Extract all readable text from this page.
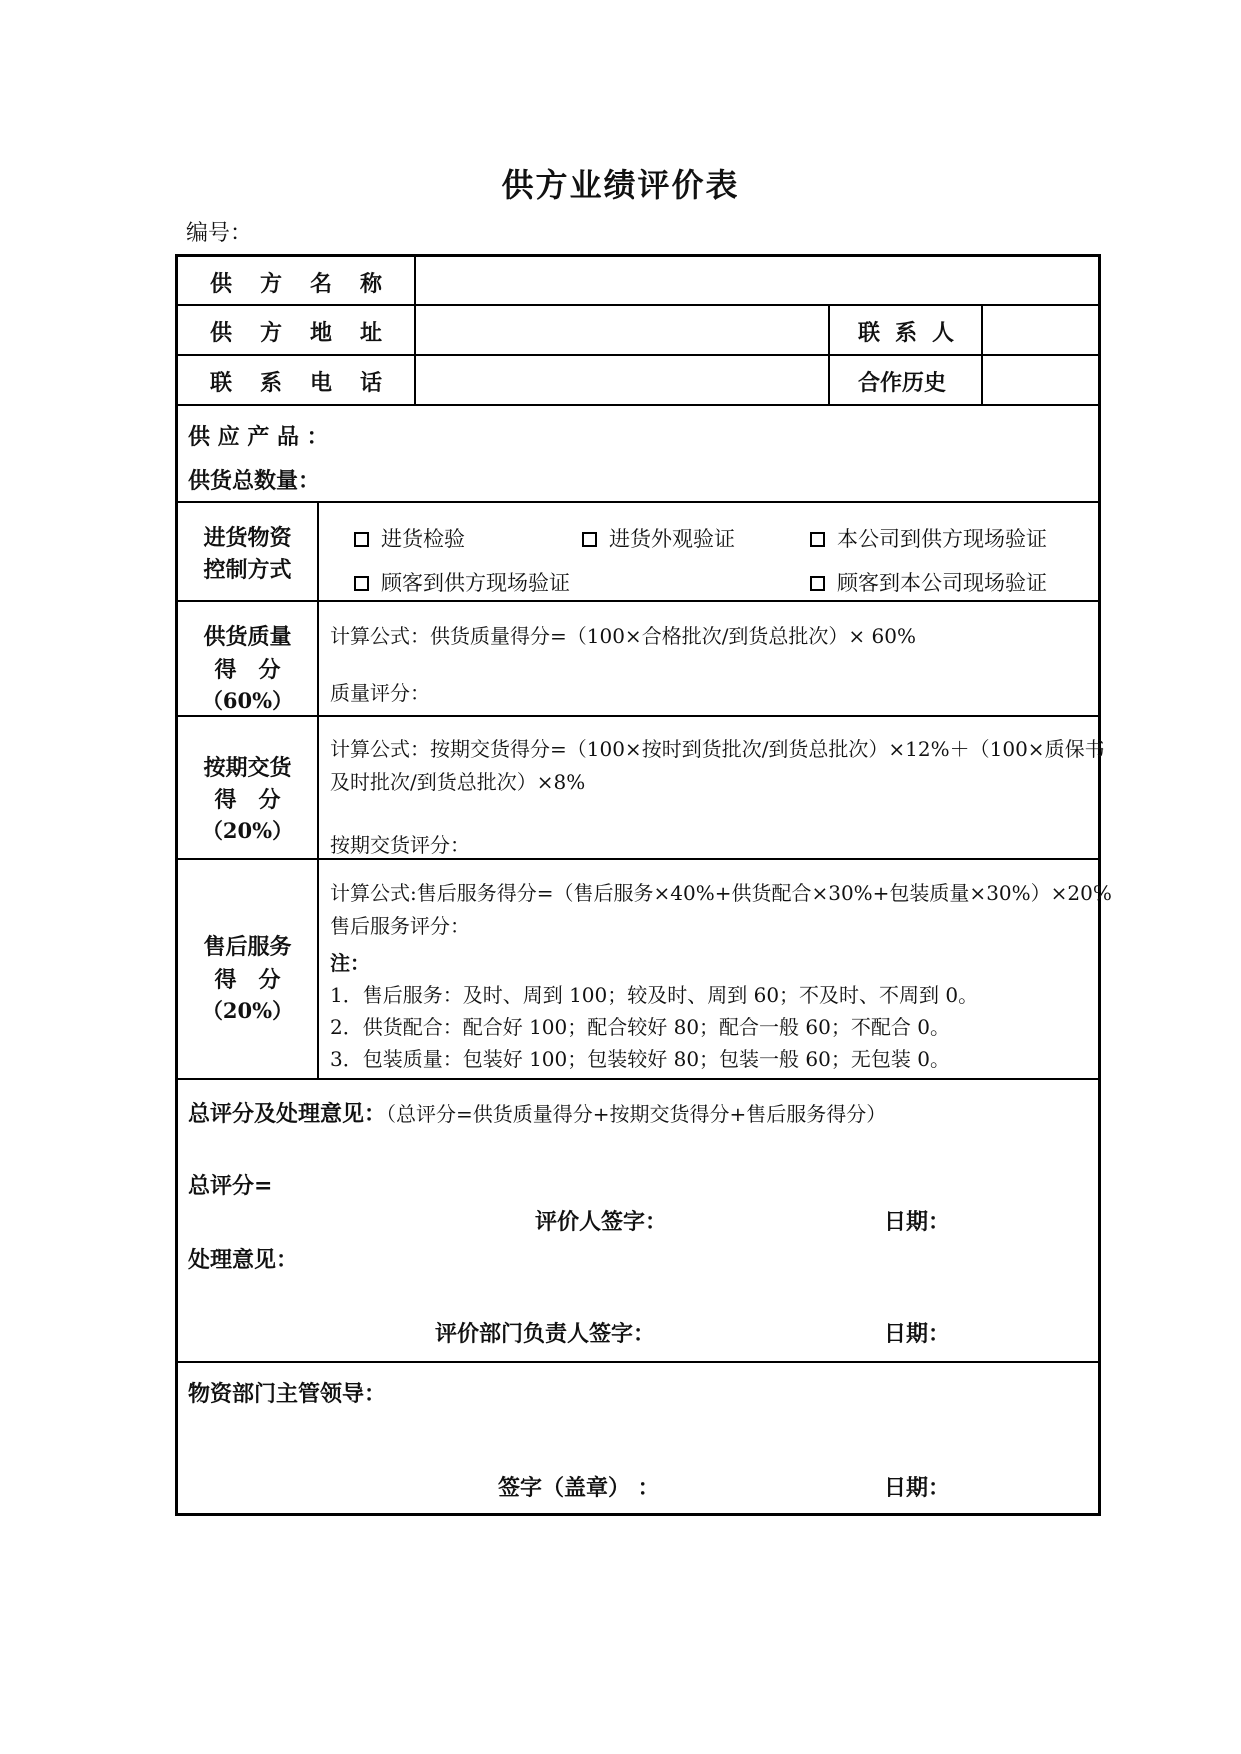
供方业绩评价表
编号：
供 方 名 称
供 方 地 址	联 系 人
联 系 电 话	合作历史
供 应 产 品 ：
供货总数量：
进货物资
控制方式
进货检验	进货外观验证	本公司到供方现场验证
顾客到供方现场验证	顾客到本公司现场验证
供货质量
得　分
（60%）
计算公式：供货质量得分=（100×合格批次/到货总批次）× 60%
质量评分：
按期交货
得　分
（20%）
计算公式：按期交货得分=（100×按时到货批次/到货总批次）×12%＋（100×质保书
及时批次/到货总批次）×8%
按期交货评分：
售后服务
得　分
（20%）
计算公式:售后服务得分=（售后服务×40%+供货配合×30%+包装质量×30%）×20%
售后服务评分：
注：
1．售后服务：及时、周到 100；较及时、周到 60；不及时、不周到 0。
2．供货配合：配合好 100；配合较好 80；配合一般 60；不配合 0。
3．包装质量：包装好 100；包装较好 80；包装一般 60；无包装 0。
总评分及处理意见：（总评分=供货质量得分+按期交货得分+售后服务得分）
总评分=
评价人签字：	日期：
处理意见：
评价部门负责人签字：	日期：
物资部门主管领导：
签字（盖章） ：	日期：
